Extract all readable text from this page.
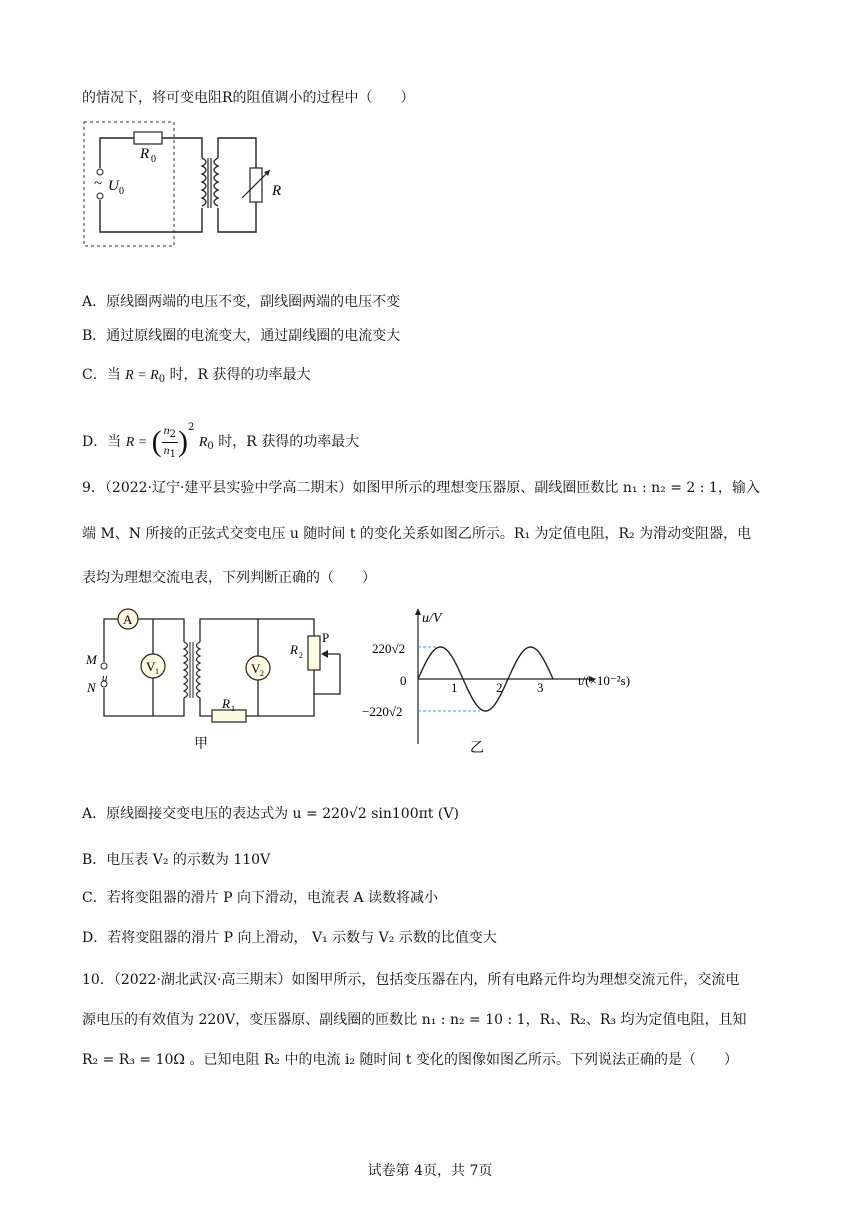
的情况下，将可变电阻R的阻值调小的过程中（　　）
~ U 0
R 0
R
A．原线圈两端的电压不变，副线圈两端的电压不变
B．通过原线圈的电流变大，通过副线圈的电流变大
C．当 $R = R_0$ 时，R 获得的功率最大
D．当 R = ( $\frac{n_2}{n_1} )^2$ $R_0$ 时，R 获得的功率最大
9．（2022·辽宁·建平县实验中学高二期末）如图甲所示的理想变压器原、副线圈匝数比 n₁ : n₂ = 2 : 1，输入
端 M、N 所接的正弦式交变电压 u 随时间 t 的变化关系如图乙所示。R₁ 为定值电阻，R₂ 为滑动变阻器，电
表均为理想交流电表，下列判断正确的（　　）
A
M
u
N
V 1
R 1
V 2
R 2
P
甲
u/V
t/(×10⁻²s)
0
220√2
−220√2
1	2	3
乙
A．原线圈接交变电压的表达式为 u = 220√2 sin100πt (V)
B．电压表 V₂ 的示数为 110V
C．若将变阻器的滑片 P 向下滑动，电流表 A 读数将减小
D．若将变阻器的滑片 P 向上滑动， V₁ 示数与 V₂ 示数的比值变大
10．（2022·湖北武汉·高三期末）如图甲所示，包括变压器在内，所有电路元件均为理想交流元件，交流电
源电压的有效值为 220V，变压器原、副线圈的匝数比 n₁ : n₂ = 10 : 1，R₁、R₂、R₃ 均为定值电阻，且知
R₂ = R₃ = 10Ω 。已知电阻 R₂ 中的电流 i₂ 随时间 t 变化的图像如图乙所示。下列说法正确的是（　　）
试卷第 4页，共 7页
